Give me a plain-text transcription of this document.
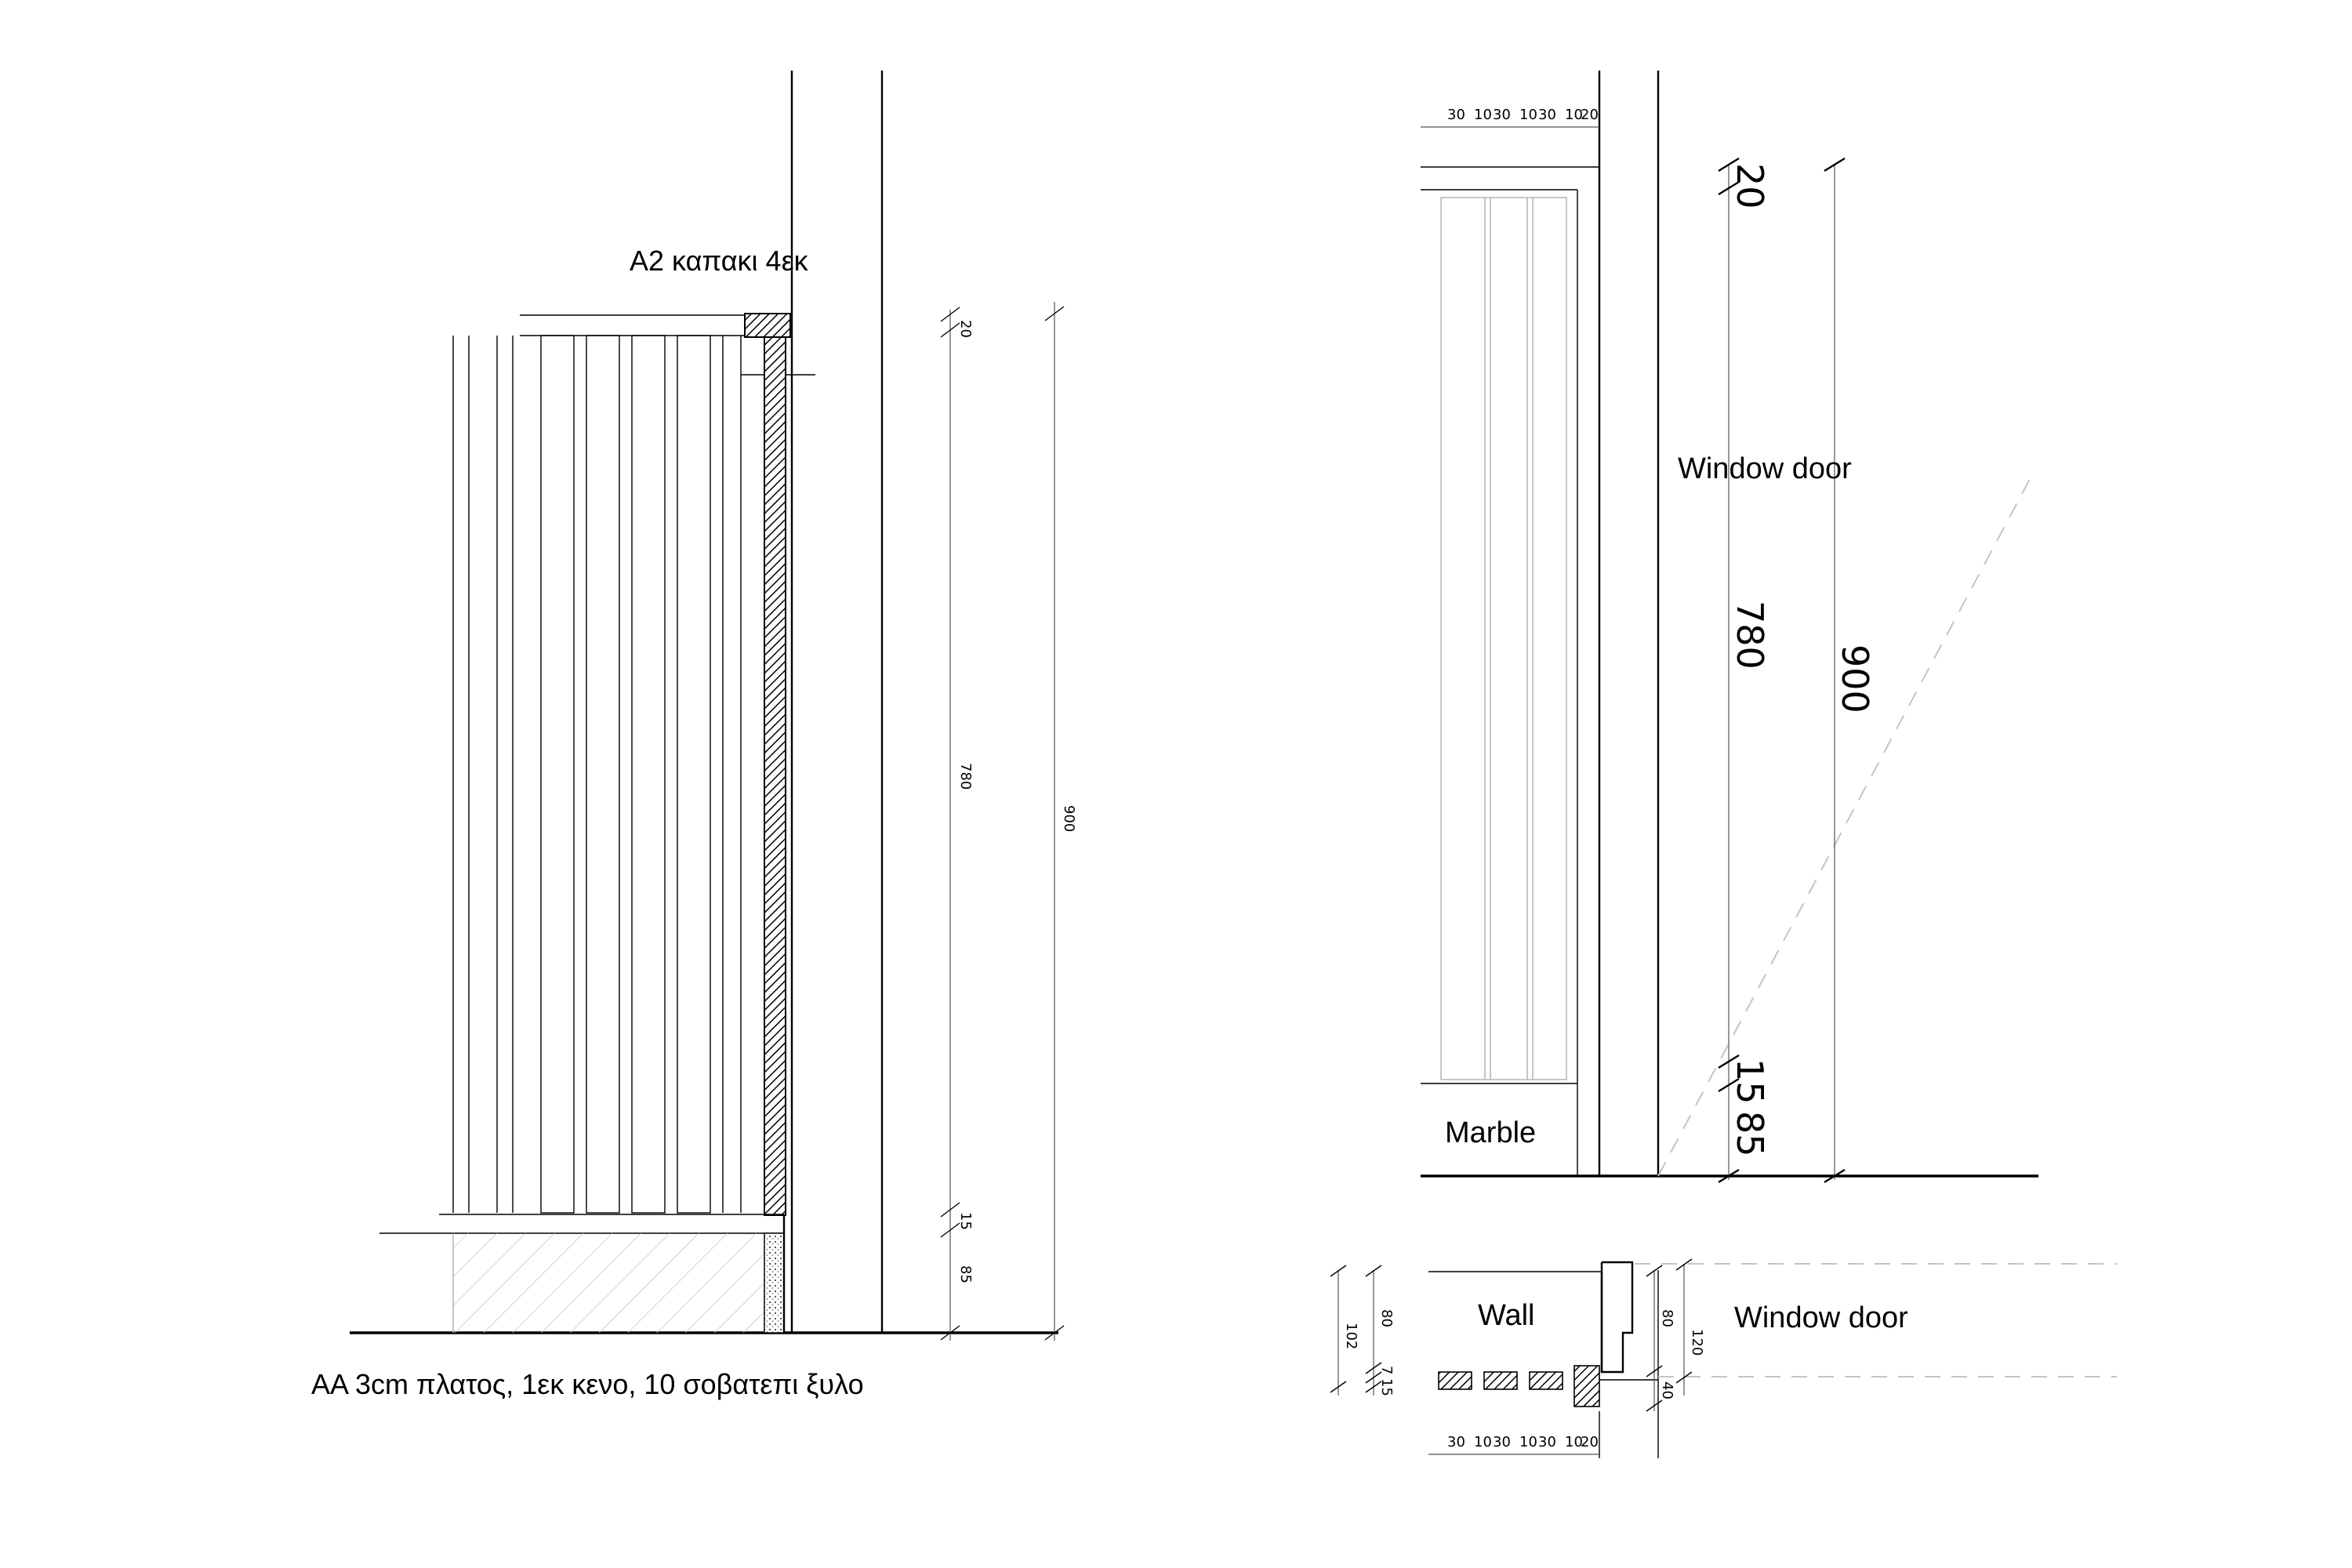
Α2 καπακι 4εκ
ΑΑ 3cm πλατος, 1εκ κενο, 10 σοβατεπι ξυλο
20
780
15
85
900
30 10 30 10 30 10
20
Window door
Marble
20
780
15
85
900
Wall	Window door
102
80
7
15
80
40
120
30 10 30 10 30 10
20
